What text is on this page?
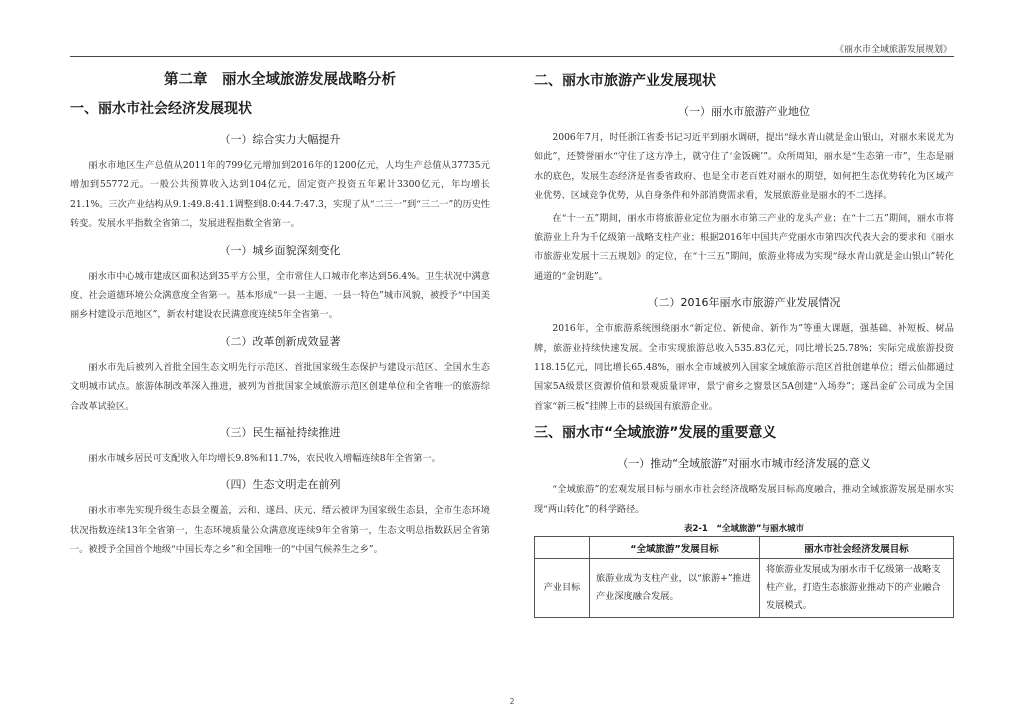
《丽水市全域旅游发展规划》
第二章　丽水全域旅游发展战略分析
一、丽水市社会经济发展现状
（一）综合实力大幅提升

丽水市地区生产总值从2011年的799亿元增加到2016年的1200亿元，人均生产总值从37735元增加到55772元。一般公共预算收入达到104亿元，固定资产投资五年累计3300亿元，年均增长21.1%。三次产业结构从9.1:49.8:41.1调整到8.0:44.7:47.3，实现了从“二三一”到“三二一”的历史性转变。发展水平指数全省第二，发展进程指数全省第一。

（一）城乡面貌深刻变化

丽水市中心城市建成区面积达到35平方公里，全市常住人口城市化率达到56.4%。卫生状况中满意度、社会道德环境公众满意度全省第一。基本形成“一县一主题、一县一特色”城市风貌，被授予“中国美丽乡村建设示范地区”，新农村建设农民满意度连续5年全省第一。

（二）改革创新成效显著

丽水市先后被列入首批全国生态文明先行示范区、首批国家级生态保护与建设示范区、全国水生态文明城市试点。旅游体制改革深入推进，被列为首批国家全域旅游示范区创建单位和全省唯一的旅游综合改革试验区。

（三）民生福祉持续推进

丽水市城乡居民可支配收入年均增长9.8%和11.7%，农民收入增幅连续8年全省第一。

（四）生态文明走在前列

丽水市率先实现升级生态县全覆盖，云和、遂昌、庆元、缙云被评为国家级生态县，全市生态环境状况指数连续13年全省第一，生态环境质量公众满意度连续9年全省第一，生态文明总指数跃居全省第一。被授予全国首个地级“中国长寿之乡”和全国唯一的“中国气候养生之乡”。

二、丽水市旅游产业发展现状
（一）丽水市旅游产业地位

2006年7月，时任浙江省委书记习近平到丽水调研，提出“绿水青山就是金山银山，对丽水来说尤为如此”，还赞誉丽水“守住了这方净土，就守住了‘金饭碗’”。众所周知，丽水是“生态第一市”，生态是丽水的底色，发展生态经济是省委省政府、也是全市老百姓对丽水的期望，如何把生态优势转化为区域产业优势、区域竞争优势，从自身条件和外部消费需求看，发展旅游业是丽水的不二选择。

在“十一五”期间，丽水市将旅游业定位为丽水市第三产业的龙头产业；在“十二五”期间，丽水市将旅游业上升为千亿级第一战略支柱产业；根据2016年中国共产党丽水市第四次代表大会的要求和《丽水市旅游业发展十三五规划》的定位，在“十三五”期间，旅游业将成为实现“绿水青山就是金山银山”转化通道的“金钥匙”。

（二）2016年丽水市旅游产业发展情况

2016年，全市旅游系统围绕丽水“新定位、新使命、新作为”等重大课题，强基础、补短板、树品牌，旅游业持续快速发展。全市实现旅游总收入535.83亿元，同比增长25.78%；实际完成旅游投资118.15亿元，同比增长65.48%，丽水全市域被列入国家全域旅游示范区首批创建单位；缙云仙都通过国家5A级景区资源价值和景观质量评审，景宁畲乡之窗景区5A创建“入场券”；遂昌金矿公司成为全国首家“新三板”挂牌上市的县级国有旅游企业。

三、丽水市“全域旅游”发展的重要意义
（一）推动“全域旅游”对丽水市城市经济发展的意义

“全域旅游”的宏观发展目标与丽水市社会经济战略发展目标高度融合，推动全域旅游发展是丽水实现“两山转化”的科学路径。

表2-1　“全域旅游”与丽水城市
	“全域旅游”发展目标	丽水市社会经济发展目标
产业目标	旅游业成为支柱产业，以“旅游+”推进产业深度融合发展。	将旅游业发展成为丽水市千亿级第一战略支柱产业，打造生态旅游业推动下的产业融合发展模式。
2
